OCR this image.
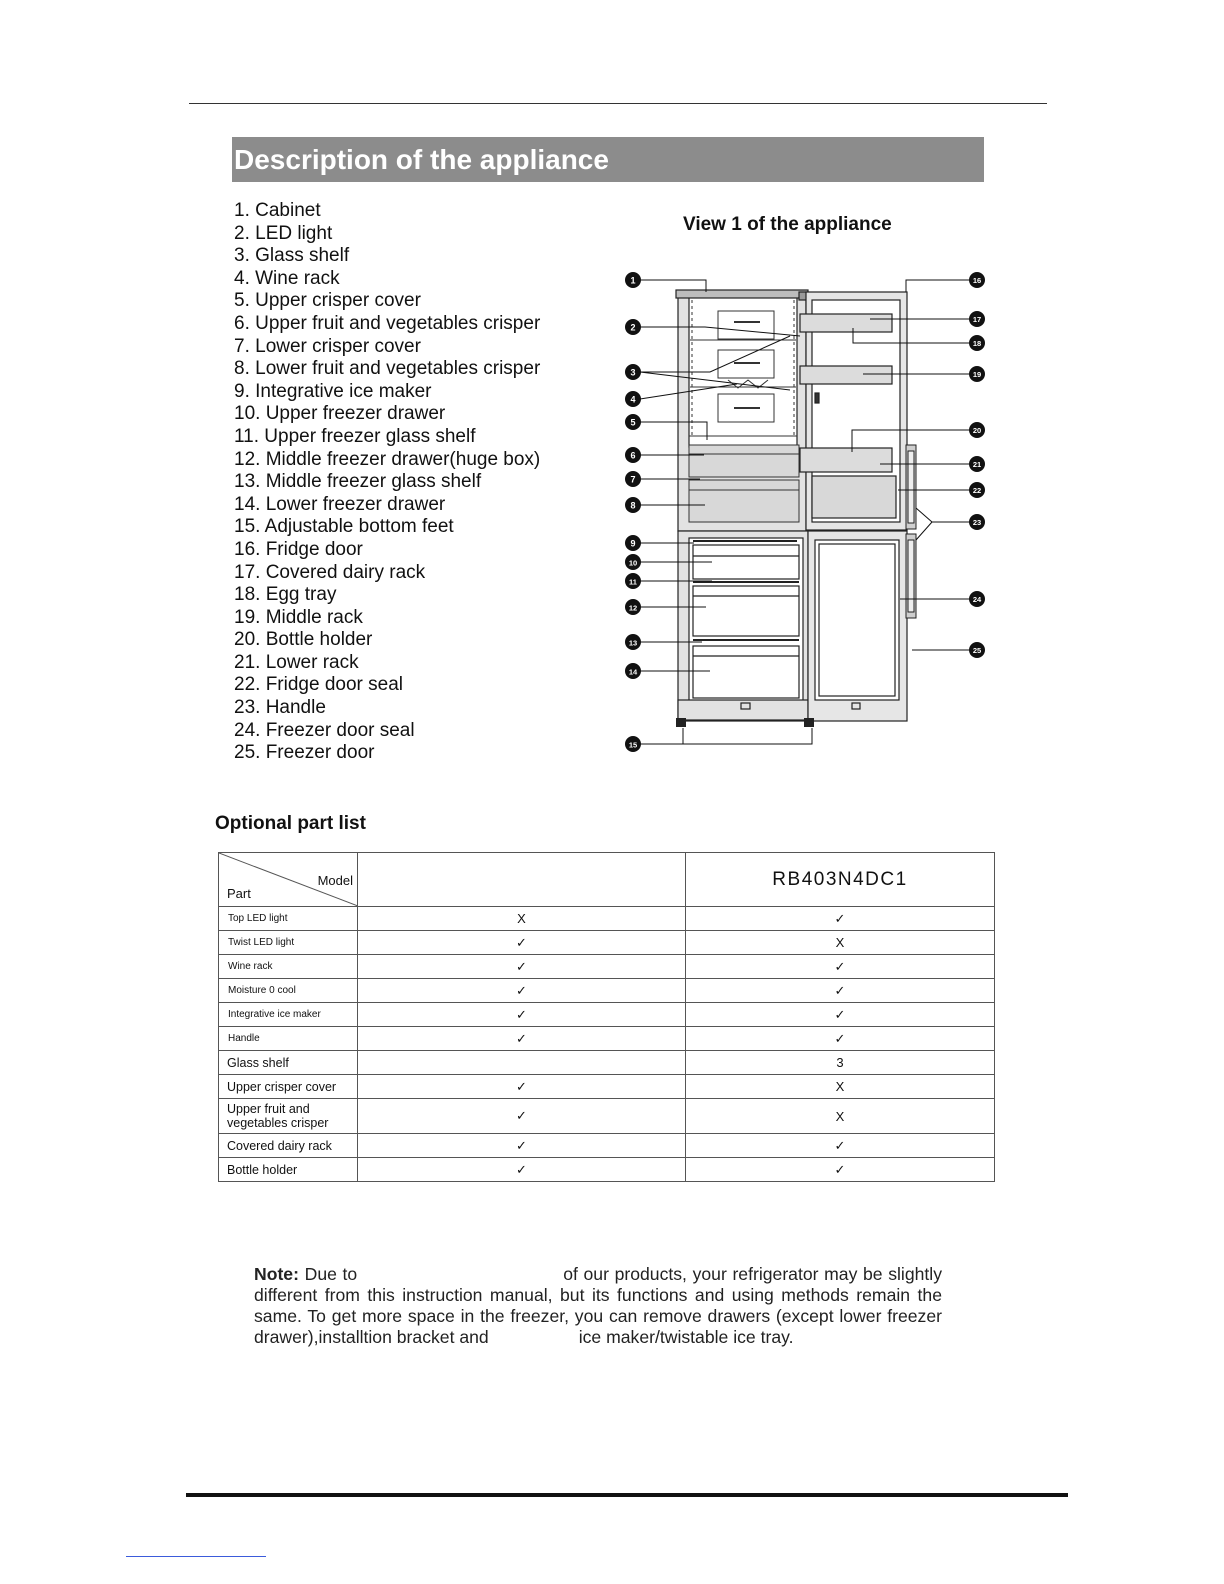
Description of the appliance
1. Cabinet
2. LED light
3. Glass shelf
4. Wine rack
5. Upper crisper cover
6. Upper fruit and vegetables crisper
7. Lower crisper cover
8. Lower fruit and vegetables crisper
9. Integrative ice maker
10. Upper freezer drawer
11. Upper freezer glass shelf
12. Middle freezer drawer(huge box)
13. Middle freezer glass shelf
14. Lower freezer drawer
15. Adjustable bottom feet
16. Fridge door
17. Covered dairy rack
18. Egg tray
19. Middle rack
20. Bottle holder
21. Lower rack
22. Fridge door seal
23. Handle
24. Freezer door seal
25. Freezer door
View 1 of the appliance
1
2
3
4
5
6
7
8
9
10
11
12
13
14
15
16
17
18
19
20
21
22
23
24
25
Optional part list
Model
Part		RB403N4DC1
Top LED light	X	✓
Twist LED light	✓	X
Wine rack	✓	✓
Moisture 0 cool	✓	✓
Integrative ice maker	✓	✓
Handle	✓	✓
Glass shelf		3
Upper crisper cover	✓	X
Upper fruit and vegetables crisper	✓	X
Covered dairy rack	✓	✓
Bottle holder	✓	✓
Note: Due to	of our products, your refrigerator may be slightly different from this instruction manual, but its functions and using methods remain the same. To get more space in the freezer, you can remove drawers (except lower freezer drawer),installtion bracket and	ice maker/twistable ice tray.
